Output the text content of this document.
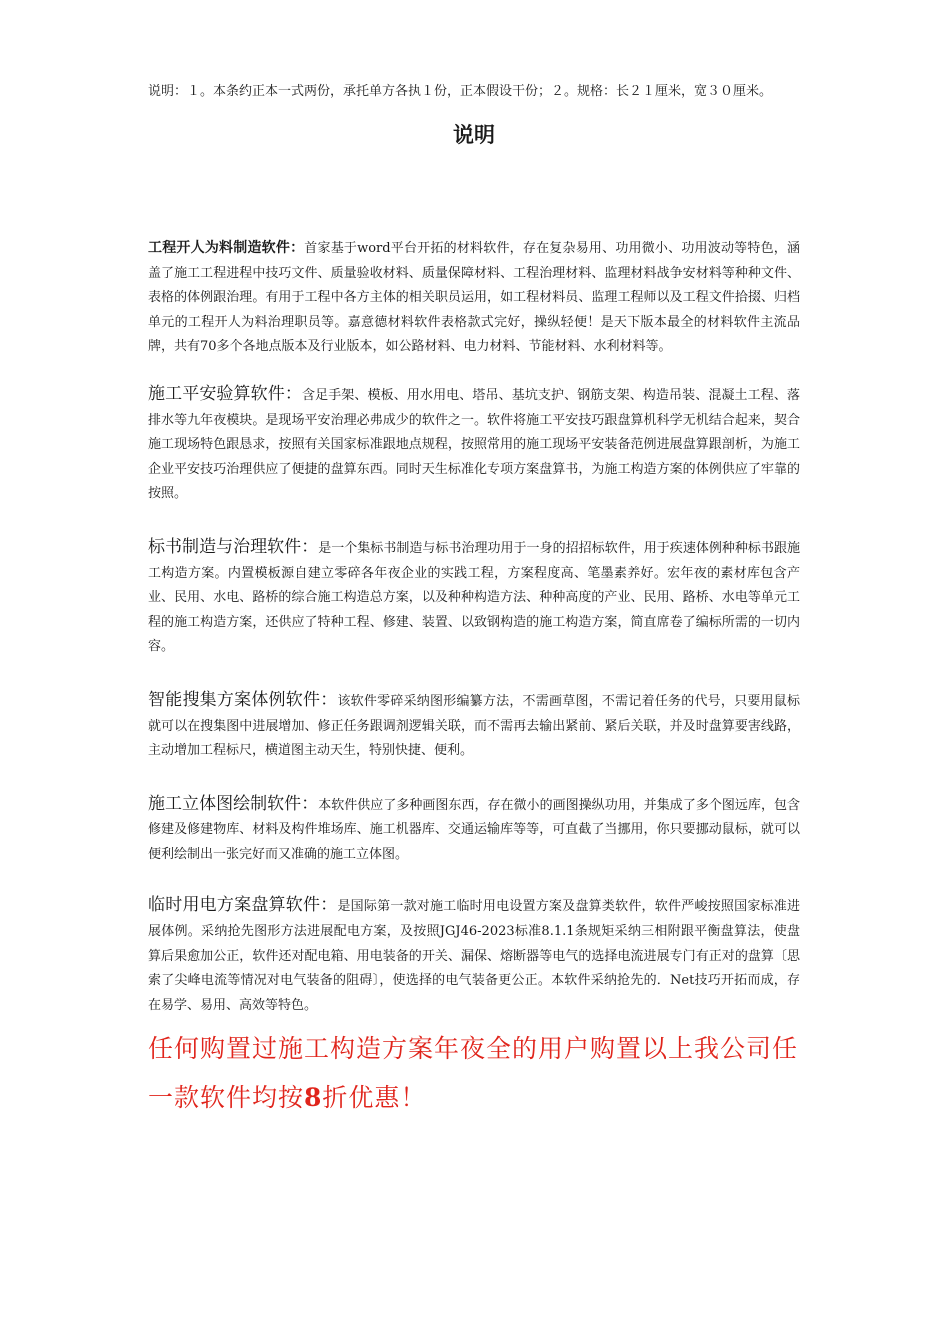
说明：１。本条约正本一式两份，承托单方各执１份，正本假设干份；２。规格：长２１厘米，宽３０厘米。

说明

工程开人为料制造软件：首家基于word平台开拓的材料软件，存在复杂易用、功用微小、功用波动等特色，涵盖了施工工程进程中技巧文件、质量验收材料、质量保障材料、工程治理材料、监理材料战争安材料等种种文件、表格的体例跟治理。有用于工程中各方主体的相关职员运用，如工程材料员、监理工程师以及工程文件拾掇、归档单元的工程开人为料治理职员等。嘉意德材料软件表格款式完好，操纵轻便！是天下版本最全的材料软件主流品牌，共有70多个各地点版本及行业版本，如公路材料、电力材料、节能材料、水利材料等。

施工平安验算软件：含足手架、模板、用水用电、塔吊、基坑支护、钢筋支架、构造吊装、混凝土工程、落排水等九年夜模块。是现场平安治理必弗成少的软件之一。软件将施工平安技巧跟盘算机科学无机结合起来，契合施工现场特色跟恳求，按照有关国家标准跟地点规程，按照常用的施工现场平安装备范例进展盘算跟剖析，为施工企业平安技巧治理供应了便捷的盘算东西。同时天生标准化专项方案盘算书，为施工构造方案的体例供应了牢靠的按照。

标书制造与治理软件：是一个集标书制造与标书治理功用于一身的招招标软件，用于疾速体例种种标书跟施工构造方案。内置模板源自建立零碎各年夜企业的实践工程，方案程度高、笔墨素养好。宏年夜的素材库包含产业、民用、水电、路桥的综合施工构造总方案，以及种种构造方法、种种高度的产业、民用、路桥、水电等单元工程的施工构造方案，还供应了特种工程、修建、装置、以致钢构造的施工构造方案，简直席卷了编标所需的一切内容。

智能搜集方案体例软件：该软件零碎采纳图形编纂方法，不需画草图，不需记着任务的代号，只要用鼠标就可以在搜集图中进展增加、修正任务跟调剂逻辑关联，而不需再去输出紧前、紧后关联，并及时盘算要害线路，主动增加工程标尺，横道图主动天生，特别快捷、便利。

施工立体图绘制软件：本软件供应了多种画图东西，存在微小的画图操纵功用，并集成了多个图远库，包含修建及修建物库、材料及构件堆场库、施工机器库、交通运输库等等，可直截了当挪用，你只要挪动鼠标，就可以便利绘制出一张完好而又准确的施工立体图。

临时用电方案盘算软件：是国际第一款对施工临时用电设置方案及盘算类软件，软件严峻按照国家标准进展体例。采纳抢先图形方法进展配电方案，及按照JGJ46-2023标准8.1.1条规矩采纳三相附跟平衡盘算法，使盘算后果愈加公正，软件还对配电箱、用电装备的开关、漏保、熔断器等电气的选择电流进展专门有正对的盘算〔思索了尖峰电流等情况对电气装备的阻碍〕，使选择的电气装备更公正。本软件采纳抢先的．Net技巧开拓而成，存在易学、易用、高效等特色。

任何购置过施工构造方案年夜全的用户购置以上我公司任一款软件均按8折优惠！
